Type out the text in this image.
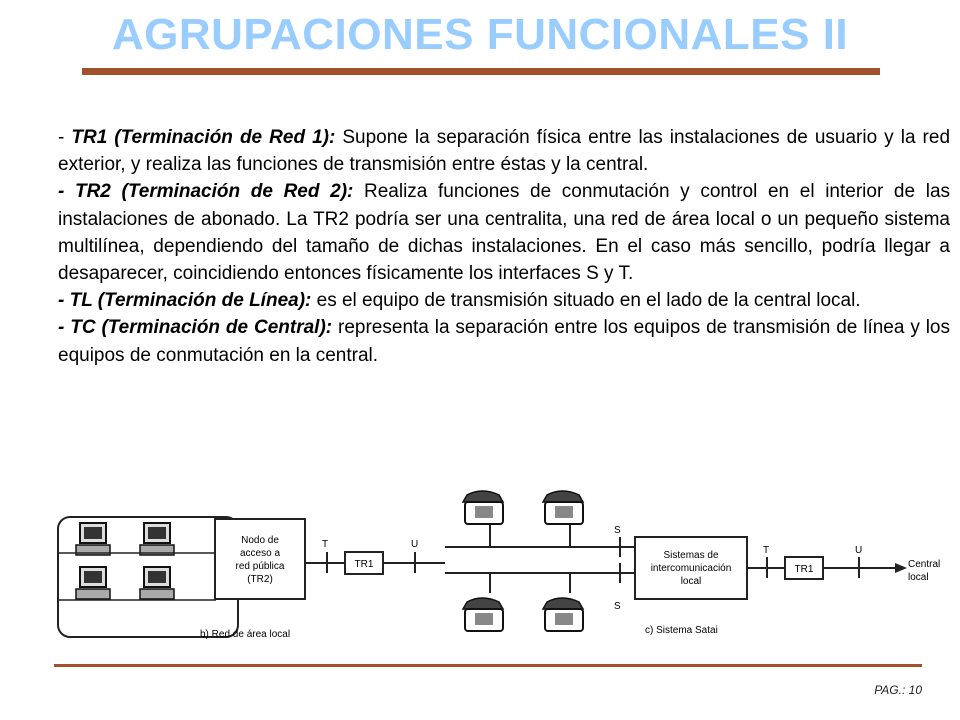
AGRUPACIONES FUNCIONALES II

- TR1 (Terminación de Red 1): Supone la separación física entre las instalaciones de usuario y la red exterior, y realiza las funciones de transmisión entre éstas y la central.

- TR2 (Terminación de Red 2): Realiza funciones de conmutación y control en el interior de las instalaciones de abonado. La TR2 podría ser una centralita, una red de área local o un pequeño sistema multilínea, dependiendo del tamaño de dichas instalaciones. En el caso más sencillo, podría llegar a desaparecer, coincidiendo entonces físicamente los interfaces S y T.

- TL (Terminación de Línea): es el equipo de transmisión situado en el lado de la central local.

- TC (Terminación de Central): representa la separación entre los equipos de transmisión de línea y los equipos de conmutación en la central.

Nodo de
acceso a
red pública
(TR2)
T
TR1
U
b) Red de área local
S
S
Sistemas de
intercomunicación
local
T
TR1
U
Central
local
c) Sistema Satai
PAG.: 10
